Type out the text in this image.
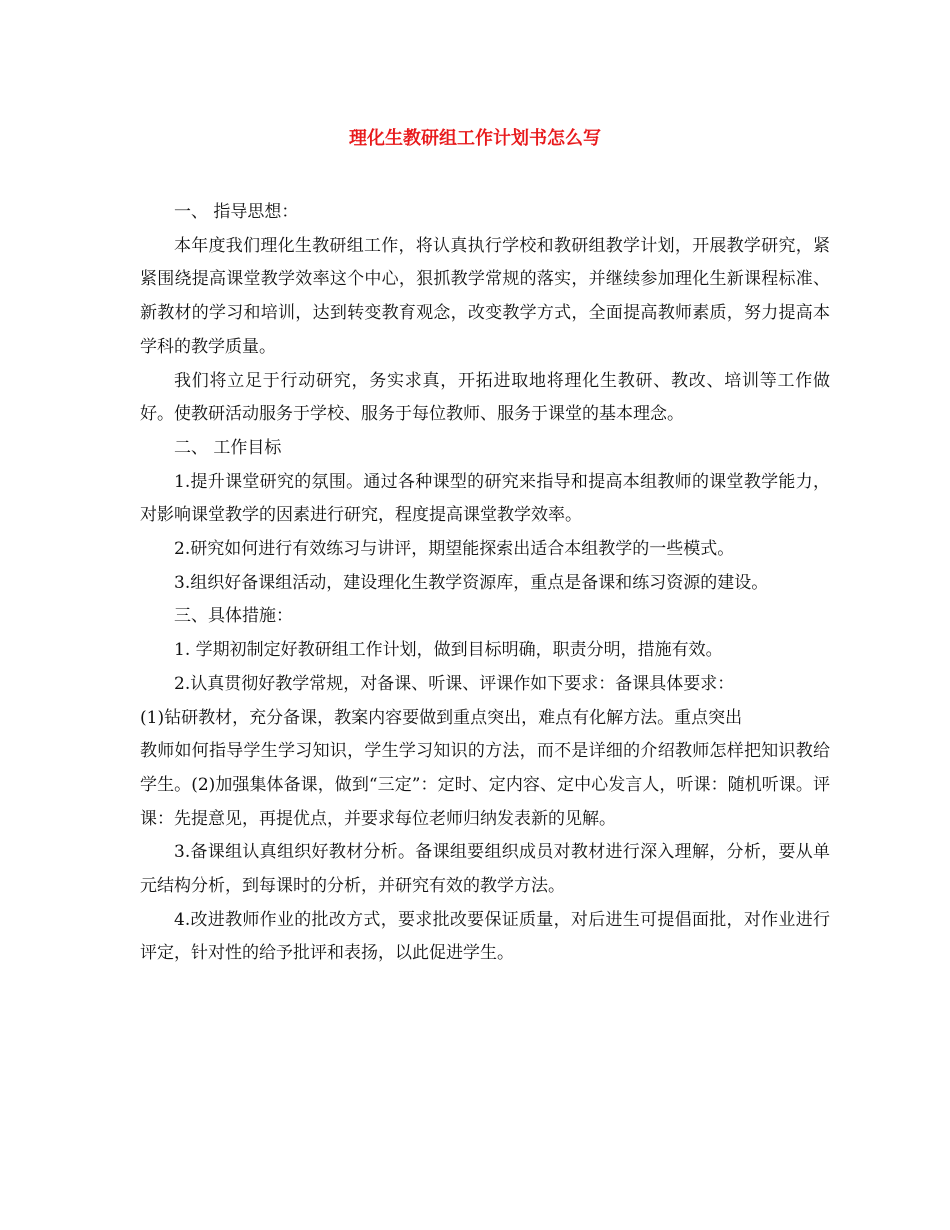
理化生教研组工作计划书怎么写

一、 指导思想：

本年度我们理化生教研组工作，将认真执行学校和教研组教学计划，开展教学研究，紧紧围绕提高课堂教学效率这个中心，狠抓教学常规的落实，并继续参加理化生新课程标准、新教材的学习和培训，达到转变教育观念，改变教学方式，全面提高教师素质，努力提高本学科的教学质量。

我们将立足于行动研究，务实求真，开拓进取地将理化生教研、教改、培训等工作做好。使教研活动服务于学校、服务于每位教师、服务于课堂的基本理念。

二、 工作目标

1.提升课堂研究的氛围。通过各种课型的研究来指导和提高本组教师的课堂教学能力，对影响课堂教学的因素进行研究，程度提高课堂教学效率。

2.研究如何进行有效练习与讲评，期望能探索出适合本组教学的一些模式。

3.组织好备课组活动，建设理化生教学资源库，重点是备课和练习资源的建设。

三、具体措施：

1. 学期初制定好教研组工作计划，做到目标明确，职责分明，措施有效。

2.认真贯彻好教学常规，对备课、听课、评课作如下要求：备课具体要求：

(1)钻研教材，充分备课，教案内容要做到重点突出，难点有化解方法。重点突出

教师如何指导学生学习知识，学生学习知识的方法，而不是详细的介绍教师怎样把知识教给学生。(2)加强集体备课，做到“三定”：定时、定内容、定中心发言人，听课：随机听课。评课：先提意见，再提优点，并要求每位老师归纳发表新的见解。

3.备课组认真组织好教材分析。备课组要组织成员对教材进行深入理解，分析，要从单元结构分析，到每课时的分析，并研究有效的教学方法。

4.改进教师作业的批改方式，要求批改要保证质量，对后进生可提倡面批，对作业进行评定，针对性的给予批评和表扬，以此促进学生。
